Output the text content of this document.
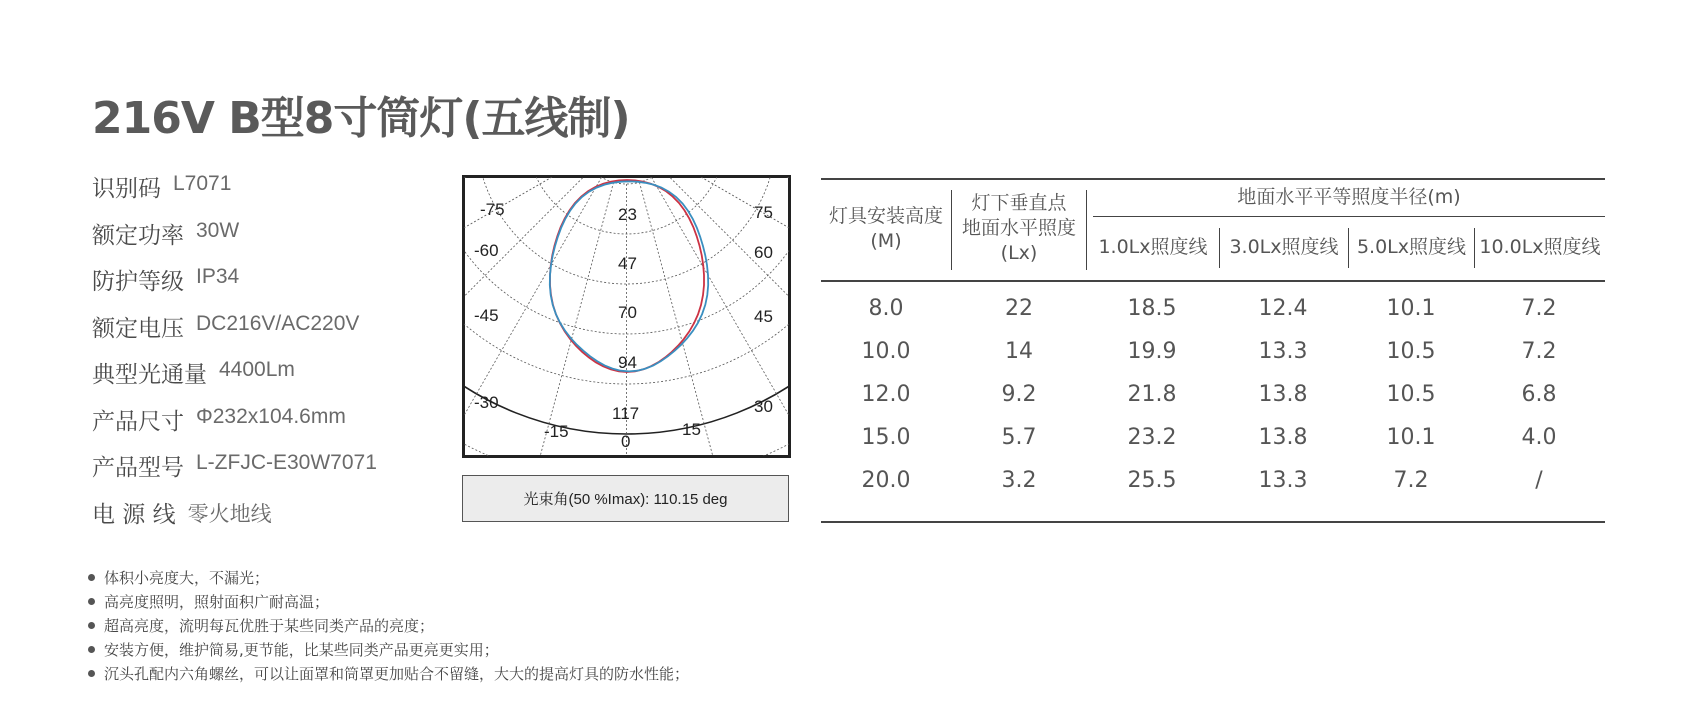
216V B型8寸筒灯(五线制)
识别码 L7071
额定功率 30W
防护等级 IP34
额定电压 DC216V/AC220V
典型光通量 4400Lm
产品尺寸 Φ232x104.6mm
产品型号 L-ZFJC-E30W7071
电 源 线 零火地线
-75	75
-60	60
-45	45
-30	30
-15	15
0
23
47
70
94
117
光束角(50 %Imax): 110.15 deg
灯具安装高度
(M)
灯下垂直点
地面水平照度
(Lx)
地面水平平等照度半径(m)
1.0Lx照度线	3.0Lx照度线 5.0Lx照度线 10.0Lx照度线
8.0	22	18.5	12.4	10.1	7.2
10.0	14	19.9	13.3	10.5	7.2
12.0	9.2	21.8	13.8	10.5	6.8
15.0	5.7	23.2	13.8	10.1	4.0
20.0	3.2	25.5	13.3	7.2	/
体积小亮度大，不漏光；
高亮度照明，照射面积广耐高温；
超高亮度，流明每瓦优胜于某些同类产品的亮度；
安装方便，维护简易,更节能，比某些同类产品更亮更实用；
沉头孔配内六角螺丝，可以让面罩和筒罩更加贴合不留缝，大大的提高灯具的防水性能；
